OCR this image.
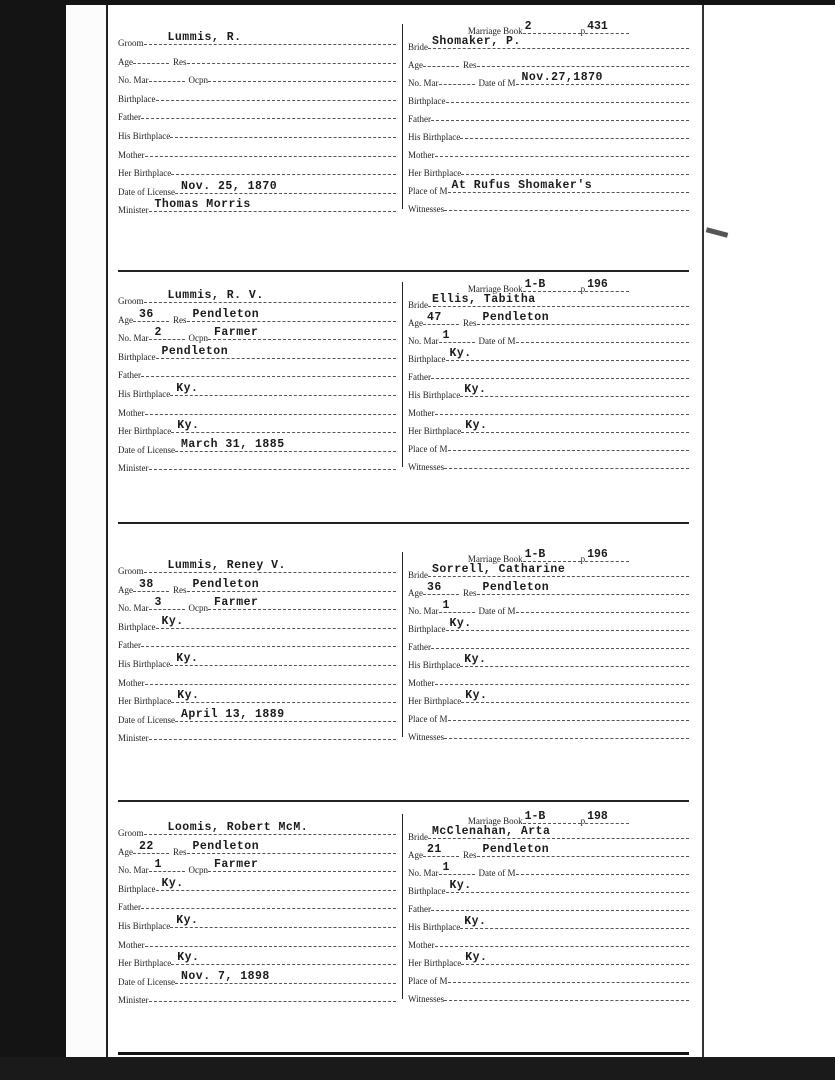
Groom Lummis, R.
Age	Res
No. Mar	Ocpn
Birthplace
Father
His Birthplace
Mother
Her Birthplace
Date of License Nov. 25, 1870
Minister Thomas Morris
Marriage Book 2	p 431
Bride Shomaker, P.
Age	Res
No. Mar	Date of M Nov.27,1870
Birthplace
Father
His Birthplace
Mother
Her Birthplace
Place of M At Rufus Shomaker's
Witnesses
Groom Lummis, R. V.
Age 36 Res Pendleton
No. Mar 2	Ocpn Farmer
Birthplace Pendleton
Father
His Birthplace Ky.
Mother
Her Birthplace Ky.
Date of License March 31, 1885
Minister
Marriage Book 1-B	p 196
Bride Ellis, Tabitha
Age 47 Res Pendleton
No. Mar 1	Date of M
Birthplace Ky.
Father
His Birthplace Ky.
Mother
Her Birthplace Ky.
Place of M
Witnesses
Groom Lummis, Reney V.
Age 38 Res Pendleton
No. Mar 3	Ocpn Farmer
Birthplace Ky.
Father
His Birthplace Ky.
Mother
Her Birthplace Ky.
Date of License April 13, 1889
Minister
Marriage Book 1-B	p 196
Bride Sorrell, Catharine
Age 36 Res Pendleton
No. Mar 1	Date of M
Birthplace Ky.
Father
His Birthplace Ky.
Mother
Her Birthplace Ky.
Place of M
Witnesses
Groom Loomis, Robert McM.
Age 22 Res Pendleton
No. Mar 1	Ocpn Farmer
Birthplace Ky.
Father
His Birthplace Ky.
Mother
Her Birthplace Ky.
Date of License Nov. 7, 1898
Minister
Marriage Book 1-B	p 198
Bride McClenahan, Arta
Age 21 Res Pendleton
No. Mar 1	Date of M
Birthplace Ky.
Father
His Birthplace Ky.
Mother
Her Birthplace Ky.
Place of M
Witnesses
